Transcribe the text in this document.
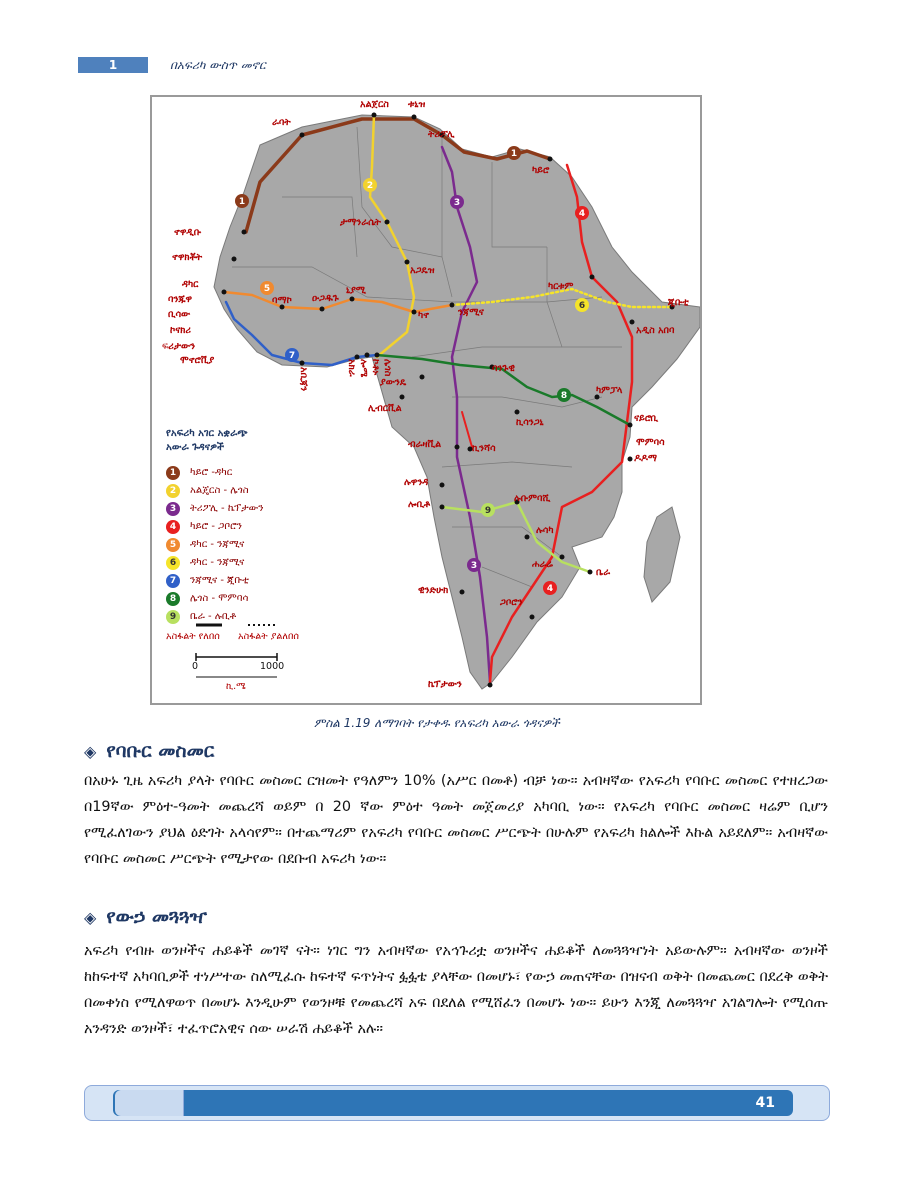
1	በአፍሪካ ውስጥ መኖር
1
1
2
3
3
4
4
5
6
7
8
9
አልጀርስ ቱኒዝ
ራባት
ትሪፖሊ
ካይሮ
ታማንራሴት
ኖዋዲቡ
ኖዋክቾት
አጋዴዝ
ዳካር
ባንጁዋ	ባማኮ ዑጋዱጉ
ኒያሚ
ቢሳው
ኮናክሪ
ፍሪታውን
ሞኖሮቪያ
ካኖ	ንጃሚና
ካርቱም
ጂቡቲ
አዲስ አበባ
አቢጃን	አክራ ሎሜ ኮቶኑ ሌጎስ
ያውንዴ
ባንጉዊ
ሊብርቪል
ኪሳንጋኒ
ካምፓላ
ናይሮቢ
ሞምባሳ
ዶዶማ
ብራዛቪል	ኪንሻሳ
ሉዋንዳ
ሎቢቶ
ሉቡምባሺ
ሉሳካ
ሐራሬ
ቤራ
ዊንድሁክ
ጋቦሮን
ኬፕታውን
የአፍሪካ አገር አቋራጭ
አውራ ጉዳናዎች
1	ካይሮ -ዳካር
2	አልጄርስ - ሌጎስ
3	ትሪፖሊ - ኬፕታውን
4	ካይሮ - ጋቦሮን
5	ዳካር - ንጃሚና
6	ዳካር - ንጃሚና
7	ንጃሚና - ጂቡቲ
8	ሌጎስ - ሞምባሳ
9	ቤራ - ሉቢቶ
አስፋልት የለበሰ አስፋልት ያልለበሰ
0	1000
ኪ.ሜ
ምስል 1.19 ለማገባት የታቀዱ የአፍሪካ አውራ ጎዳናዎች
◈ የባቡር መስመር
በአሁኑ ጊዜ አፍሪካ ያላት የባቡር መስመር ርዝመት የዓለምን 10% (አሥር በመቶ) ብቻ ነው። አብዛኛው የአፍሪካ የባቡር መስመር የተዘረጋው በ19ኛው ምዕተ-ዓመት መጨረሻ ወይም በ 20 ኛው ምዕተ ዓመት መጀመሪያ አካባቢ ነው። የአፍሪካ የባቡር መስመር ዛሬም ቢሆን የሚፈለገውን ያህል ዕድገት አላሳየም። በተጨማሪም የአፍሪካ የባቡር መስመር ሥርጭት በሁሉም የአፍሪካ ክልሎች እኩል አይደለም። አብዛኛው የባቡር መስመር ሥርጭት የሚታየው በደቡብ አፍሪካ ነው።
◈ የውኃ መጓጓዣ
አፍሪካ የብዙ ወንዞችና ሐይቆች መገኛ ናት። ነገር ግን አብዛኛው የአኅጉሪቷ ወንዞችና ሐይቆች ለመጓጓዣነት አይውሉም። አብዛኛው ወንዞች ከከፍተኛ አካባቢዎች ተነሥተው ስለሚፈሱ ከፍተኛ ፍጥነትና ፏፏቴ ያላቸው በመሆኑ፣ የውኃ መጠናቸው በዝናብ ወቅት በመጨመር በደረቅ ወቅት በመቀነስ የሚለዋወጥ በመሆኑ እንዲሁም የወንዞቹ የመጨረሻ አፍ በደለል የሚሸፈን በመሆኑ ነው። ይሁን እንጂ ለመጓጓዣ አገልግሎት የሚሰጡ አንዳንድ ወንዞች፣ ተፈጥሮአዊና ሰው ሠራሽ ሐይቆች አሉ።
41
